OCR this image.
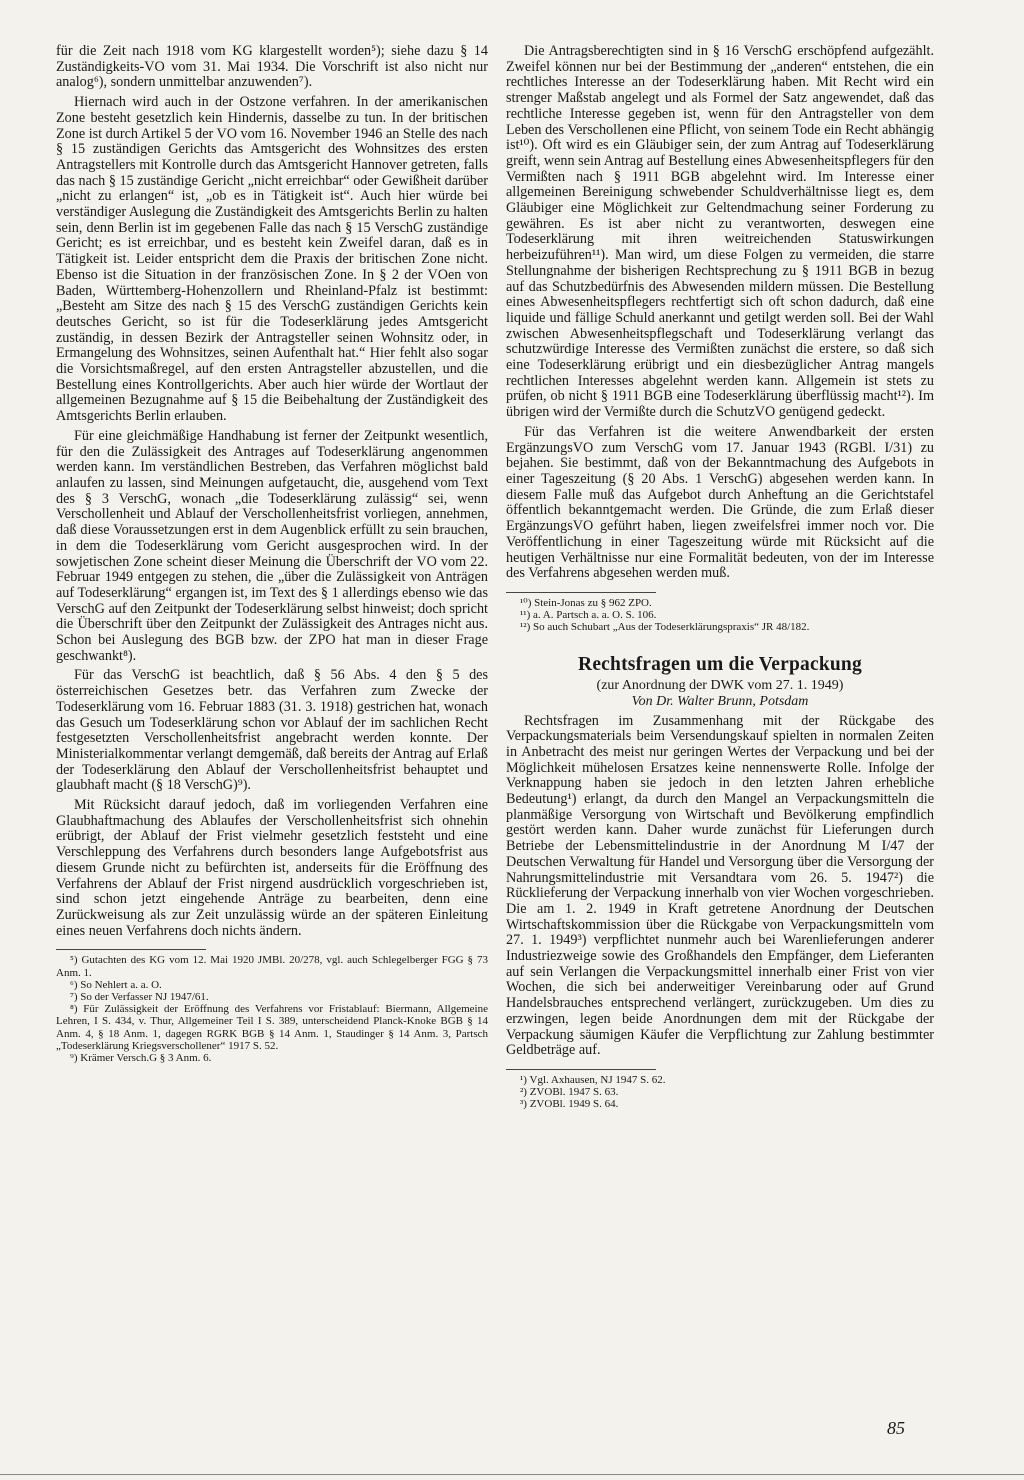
für die Zeit nach 1918 vom KG klargestellt worden⁵); siehe dazu § 14 Zuständigkeits-VO vom 31. Mai 1934. Die Vorschrift ist also nicht nur analog⁶), sondern unmittelbar anzuwenden⁷).

Hiernach wird auch in der Ostzone verfahren. In der amerikanischen Zone besteht gesetzlich kein Hindernis, dasselbe zu tun. In der britischen Zone ist durch Artikel 5 der VO vom 16. November 1946 an Stelle des nach § 15 zuständigen Gerichts das Amtsgericht des Wohnsitzes des ersten Antragstellers mit Kontrolle durch das Amtsgericht Hannover getreten, falls das nach § 15 zuständige Gericht „nicht erreichbar“ oder Gewißheit darüber „nicht zu erlangen“ ist, „ob es in Tätigkeit ist“. Auch hier würde bei verständiger Auslegung die Zuständigkeit des Amtsgerichts Berlin zu halten sein, denn Berlin ist im gegebenen Falle das nach § 15 VerschG zuständige Gericht; es ist erreichbar, und es besteht kein Zweifel daran, daß es in Tätigkeit ist. Leider entspricht dem die Praxis der britischen Zone nicht. Ebenso ist die Situation in der französischen Zone. In § 2 der VOen von Baden, Württemberg-Hohenzollern und Rheinland-Pfalz ist bestimmt: „Besteht am Sitze des nach § 15 des VerschG zuständigen Gerichts kein deutsches Gericht, so ist für die Todeserklärung jedes Amtsgericht zuständig, in dessen Bezirk der Antragsteller seinen Wohnsitz oder, in Ermangelung des Wohnsitzes, seinen Aufenthalt hat.“ Hier fehlt also sogar die Vorsichtsmaßregel, auf den ersten Antragsteller abzustellen, und die Bestellung eines Kontrollgerichts. Aber auch hier würde der Wortlaut der allgemeinen Bezugnahme auf § 15 die Beibehaltung der Zuständigkeit des Amtsgerichts Berlin erlauben.

Für eine gleichmäßige Handhabung ist ferner der Zeitpunkt wesentlich, für den die Zulässigkeit des Antrages auf Todeserklärung angenommen werden kann. Im verständlichen Bestreben, das Verfahren möglichst bald anlaufen zu lassen, sind Meinungen aufgetaucht, die, ausgehend vom Text des § 3 VerschG, wonach „die Todeserklärung zulässig“ sei, wenn Verschollenheit und Ablauf der Verschollenheitsfrist vorliegen, annehmen, daß diese Voraussetzungen erst in dem Augenblick erfüllt zu sein brauchen, in dem die Todeserklärung vom Gericht ausgesprochen wird. In der sowjetischen Zone scheint dieser Meinung die Überschrift der VO vom 22. Februar 1949 entgegen zu stehen, die „über die Zulässigkeit von Anträgen auf Todeserklärung“ ergangen ist, im Text des § 1 allerdings ebenso wie das VerschG auf den Zeitpunkt der Todeserklärung selbst hinweist; doch spricht die Überschrift über den Zeitpunkt der Zulässigkeit des Antrages nicht aus. Schon bei Auslegung des BGB bzw. der ZPO hat man in dieser Frage geschwankt⁸).

Für das VerschG ist beachtlich, daß § 56 Abs. 4 den § 5 des österreichischen Gesetzes betr. das Verfahren zum Zwecke der Todeserklärung vom 16. Februar 1883 (31. 3. 1918) gestrichen hat, wonach das Gesuch um Todeserklärung schon vor Ablauf der im sachlichen Recht festgesetzten Verschollenheitsfrist angebracht werden konnte. Der Ministerialkommentar verlangt demgemäß, daß bereits der Antrag auf Erlaß der Todeserklärung den Ablauf der Verschollenheitsfrist behauptet und glaubhaft macht (§ 18 VerschG)⁹).

Mit Rücksicht darauf jedoch, daß im vorliegenden Verfahren eine Glaubhaftmachung des Ablaufes der Verschollenheitsfrist sich ohnehin erübrigt, der Ablauf der Frist vielmehr gesetzlich feststeht und eine Verschleppung des Verfahrens durch besonders lange Aufgebotsfrist aus diesem Grunde nicht zu befürchten ist, anderseits für die Eröffnung des Verfahrens der Ablauf der Frist nirgend ausdrücklich vorgeschrieben ist, sind schon jetzt eingehende Anträge zu bearbeiten, denn eine Zurückweisung als zur Zeit unzulässig würde an der späteren Einleitung eines neuen Verfahrens doch nichts ändern.

⁵) Gutachten des KG vom 12. Mai 1920 JMBl. 20/278, vgl. auch Schlegelberger FGG § 73 Anm. 1.

⁶) So Nehlert a. a. O.

⁷) So der Verfasser NJ 1947/61.

⁸) Für Zulässigkeit der Eröffnung des Verfahrens vor Fristablauf: Biermann, Allgemeine Lehren, I S. 434, v. Thur, Allgemeiner Teil I S. 389, unterscheidend Planck-Knoke BGB § 14 Anm. 4, § 18 Anm. 1, dagegen RGRK BGB § 14 Anm. 1, Staudinger § 14 Anm. 3, Partsch „Todeserklärung Kriegsverschollener“ 1917 S. 52.

⁹) Krämer Versch.G § 3 Anm. 6.

Die Antragsberechtigten sind in § 16 VerschG erschöpfend aufgezählt. Zweifel können nur bei der Bestimmung der „anderen“ entstehen, die ein rechtliches Interesse an der Todeserklärung haben. Mit Recht wird ein strenger Maßstab angelegt und als Formel der Satz angewendet, daß das rechtliche Interesse gegeben ist, wenn für den Antragsteller von dem Leben des Verschollenen eine Pflicht, von seinem Tode ein Recht abhängig ist¹⁰). Oft wird es ein Gläubiger sein, der zum Antrag auf Todeserklärung greift, wenn sein Antrag auf Bestellung eines Abwesenheitspflegers für den Vermißten nach § 1911 BGB abgelehnt wird. Im Interesse einer allgemeinen Bereinigung schwebender Schuldverhältnisse liegt es, dem Gläubiger eine Möglichkeit zur Geltendmachung seiner Forderung zu gewähren. Es ist aber nicht zu verantworten, deswegen eine Todeserklärung mit ihren weitreichenden Statuswirkungen herbeizuführen¹¹). Man wird, um diese Folgen zu vermeiden, die starre Stellungnahme der bisherigen Rechtsprechung zu § 1911 BGB in bezug auf das Schutzbedürfnis des Abwesenden mildern müssen. Die Bestellung eines Abwesenheitspflegers rechtfertigt sich oft schon dadurch, daß eine liquide und fällige Schuld anerkannt und getilgt werden soll. Bei der Wahl zwischen Abwesenheitspflegschaft und Todeserklärung verlangt das schutzwürdige Interesse des Vermißten zunächst die erstere, so daß sich eine Todeserklärung erübrigt und ein diesbezüglicher Antrag mangels rechtlichen Interesses abgelehnt werden kann. Allgemein ist stets zu prüfen, ob nicht § 1911 BGB eine Todeserklärung überflüssig macht¹²). Im übrigen wird der Vermißte durch die SchutzVO genügend gedeckt.

Für das Verfahren ist die weitere Anwendbarkeit der ersten ErgänzungsVO zum VerschG vom 17. Januar 1943 (RGBl. I/31) zu bejahen. Sie bestimmt, daß von der Bekanntmachung des Aufgebots in einer Tageszeitung (§ 20 Abs. 1 VerschG) abgesehen werden kann. In diesem Falle muß das Aufgebot durch Anheftung an die Gerichtstafel öffentlich bekanntgemacht werden. Die Gründe, die zum Erlaß dieser ErgänzungsVO geführt haben, liegen zweifelsfrei immer noch vor. Die Veröffentlichung in einer Tageszeitung würde mit Rücksicht auf die heutigen Verhältnisse nur eine Formalität bedeuten, von der im Interesse des Verfahrens abgesehen werden muß.

¹⁰) Stein-Jonas zu § 962 ZPO.

¹¹) a. A. Partsch a. a. O. S. 106.

¹²) So auch Schubart „Aus der Todeserklärungspraxis“ JR 48/182.

Rechtsfragen um die Verpackung

(zur Anordnung der DWK vom 27. 1. 1949)

Von Dr. Walter Brunn, Potsdam

Rechtsfragen im Zusammenhang mit der Rückgabe des Verpackungsmaterials beim Versendungskauf spielten in normalen Zeiten in Anbetracht des meist nur geringen Wertes der Verpackung und bei der Möglichkeit mühelosen Ersatzes keine nennenswerte Rolle. Infolge der Verknappung haben sie jedoch in den letzten Jahren erhebliche Bedeutung¹) erlangt, da durch den Mangel an Verpackungsmitteln die planmäßige Versorgung von Wirtschaft und Bevölkerung empfindlich gestört werden kann. Daher wurde zunächst für Lieferungen durch Betriebe der Lebensmittelindustrie in der Anordnung M I/47 der Deutschen Verwaltung für Handel und Versorgung über die Versorgung der Nahrungsmittelindustrie mit Versandtara vom 26. 5. 1947²) die Rücklieferung der Verpackung innerhalb von vier Wochen vorgeschrieben. Die am 1. 2. 1949 in Kraft getretene Anordnung der Deutschen Wirtschaftskommission über die Rückgabe von Verpackungsmitteln vom 27. 1. 1949³) verpflichtet nunmehr auch bei Warenlieferungen anderer Industriezweige sowie des Großhandels den Empfänger, dem Lieferanten auf sein Verlangen die Verpackungsmittel innerhalb einer Frist von vier Wochen, die sich bei anderweitiger Vereinbarung oder auf Grund Handelsbrauches entsprechend verlängert, zurückzugeben. Um dies zu erzwingen, legen beide Anordnungen dem mit der Rückgabe der Verpackung säumigen Käufer die Verpflichtung zur Zahlung bestimmter Geldbeträge auf.

¹) Vgl. Axhausen, NJ 1947 S. 62.

²) ZVOBl. 1947 S. 63.

³) ZVOBl. 1949 S. 64.

85
